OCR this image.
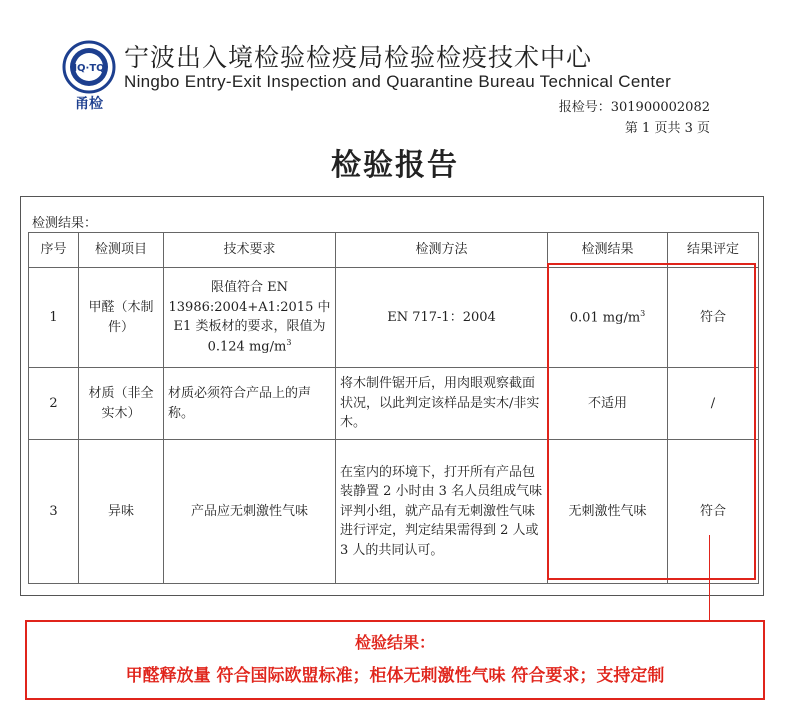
IQ·TQ
甬检
宁波出入境检验检疫局检验检疫技术中心
Ningbo Entry-Exit Inspection and Quarantine Bureau Technical Center
报检号：301900002082
第 1 页共 3 页
检验报告
检测结果：
序号	检测项目	技术要求	检测方法	检测结果	结果评定
1	甲醛（木制件）	限值符合 EN 13986:2004+A1:2015 中 E1 类板材的要求，限值为 0.124 $mg/m^3$	EN 717-1：2004	0.01 $mg/m^3$	符合
2	材质（非全实木）	材质必须符合产品上的声称。	将木制件锯开后，用肉眼观察截面状况，以此判定该样品是实木/非实木。	不适用	/
3	异味	产品应无刺激性气味	在室内的环境下，打开所有产品包装静置 2 小时由 3 名人员组成气味评判小组，就产品有无刺激性气味进行评定，判定结果需得到 2 人或 3 人的共同认可。	无刺激性气味	符合
检验结果：
甲醛释放量 符合国际欧盟标准；柜体无刺激性气味 符合要求；支持定制
